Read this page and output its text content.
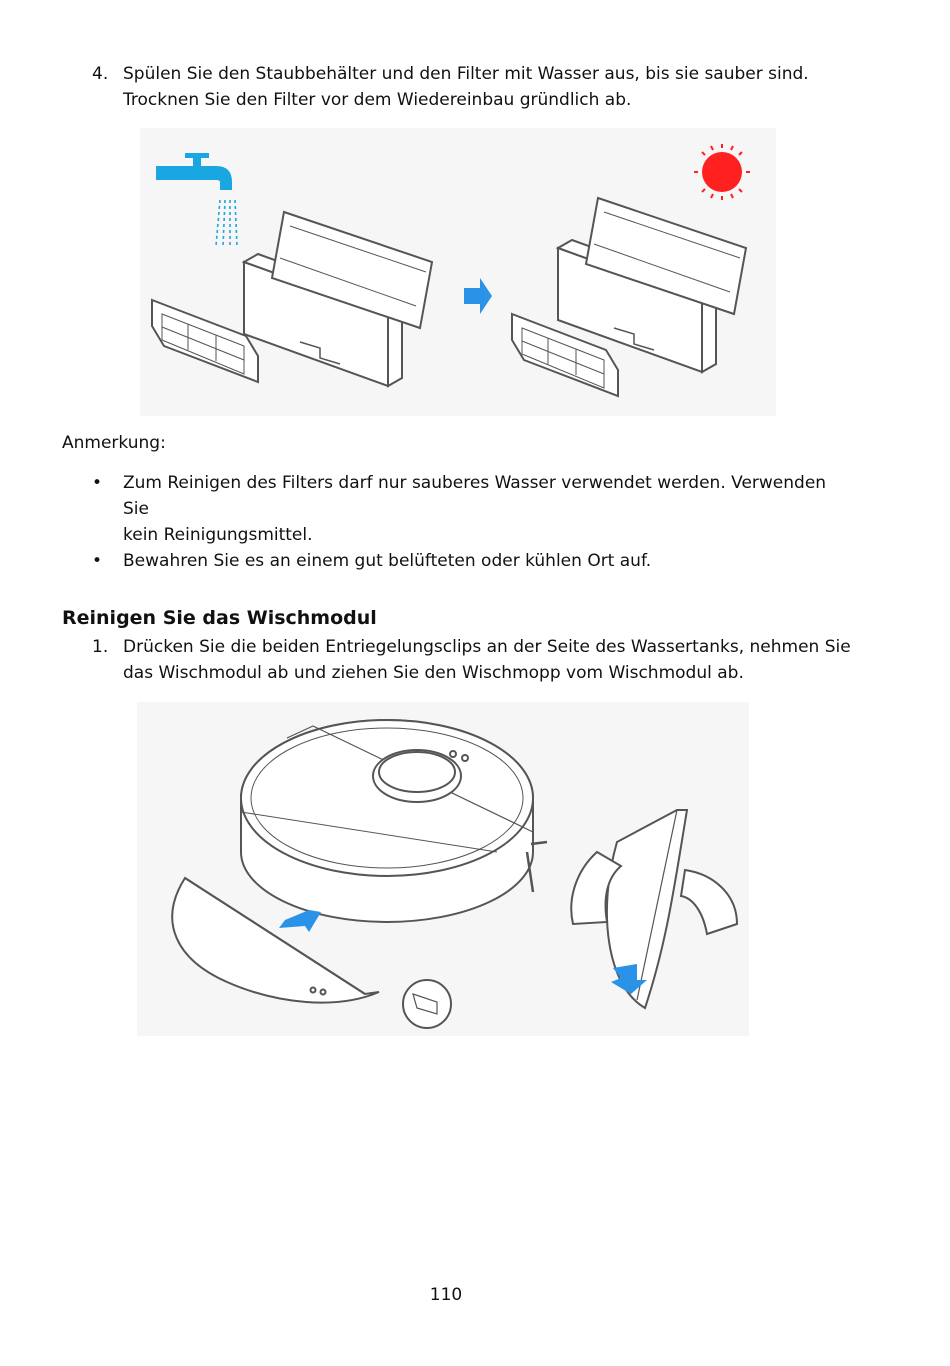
4. Spülen Sie den Staubbehälter und den Filter mit Wasser aus, bis sie sauber sind.
Trocknen Sie den Filter vor dem Wiedereinbau gründlich ab.
Anmerkung:
• Zum Reinigen des Filters darf nur sauberes Wasser verwendet werden. Verwenden Sie
kein Reinigungsmittel.
• Bewahren Sie es an einem gut belüfteten oder kühlen Ort auf.
Reinigen Sie das Wischmodul
1. Drücken Sie die beiden Entriegelungsclips an der Seite des Wassertanks, nehmen Sie
das Wischmodul ab und ziehen Sie den Wischmopp vom Wischmodul ab.
110
